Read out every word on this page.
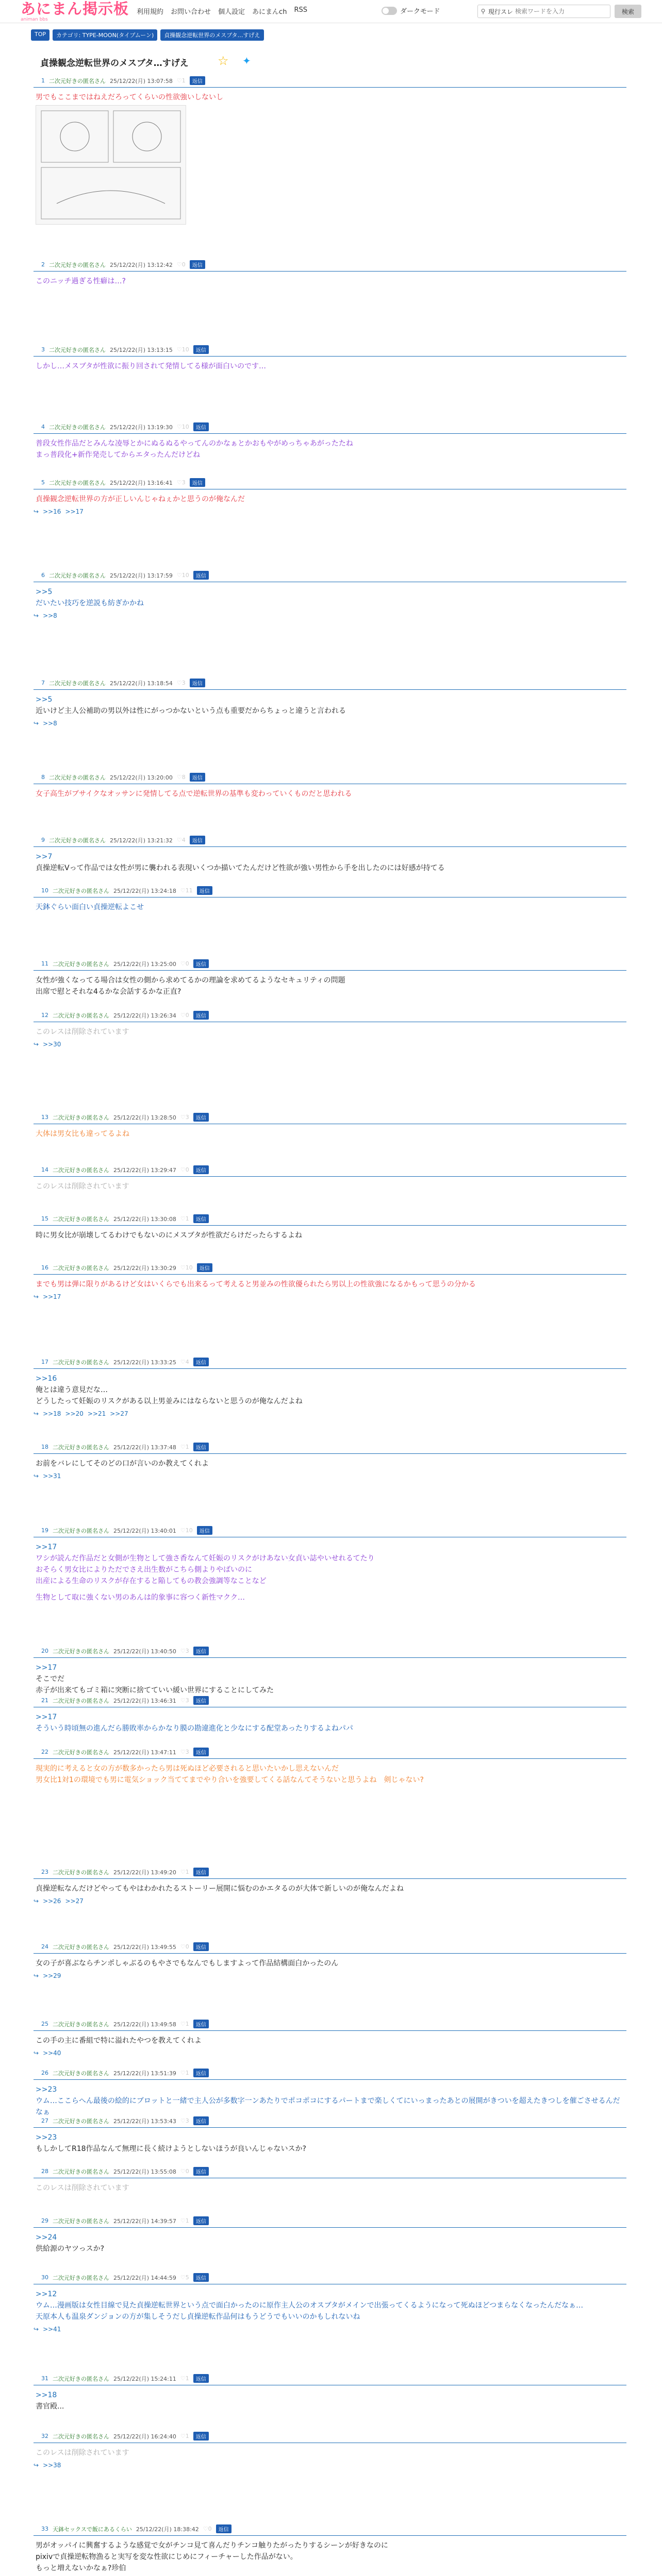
あにまん掲示板
animan bbs
利用規約 お問い合わせ 個人設定 あにまんch RSS	ダークモード	⚲ 現行スレ
検索ワードを入力	検索
TOP	カテゴリ: TYPE-MOON(タイプムーン)	貞操観念逆転世界のメスブタ…すげえ
貞操観念逆転世界のメスブタ…すげえ ☆ ✦
1 二次元好きの匿名さん 25/12/22(月) 13:07:58 ♡1	返信
男でもここまではねえだろってくらいの性欲強いしないし
2 二次元好きの匿名さん 25/12/22(月) 13:12:42 ♡0	返信
このニッチ過ぎる性癖は…?
3 二次元好きの匿名さん 25/12/22(月) 13:13:15 ♡10	返信
しかし…メスブタが性欲に振り回されて発情してる様が面白いのです…
4 二次元好きの匿名さん 25/12/22(月) 13:19:30 ♡10	返信
普段女性作品だとみんな凌辱とかにぬるぬるやってんのかなぁとかおもやがめっちゃあがったたね
まっ普段化+新作発売してからエタったんだけどね
5 二次元好きの匿名さん 25/12/22(月) 13:16:41 ♡3	返信
貞操観念逆転世界の方が正しいんじゃねぇかと思うのが俺なんだ
↪ >>16 >>17
6 二次元好きの匿名さん 25/12/22(月) 13:17:59 ♡10	返信
>>5
だいたい技巧を逆説も紡ぎかかね
↪ >>8
7 二次元好きの匿名さん 25/12/22(月) 13:18:54 ♡3	返信
>>5
近いけど主人公補助の男以外は性にがっつかないという点も重要だからちょっと違うと言われる
↪ >>8
8 二次元好きの匿名さん 25/12/22(月) 13:20:00 ♡8	返信
女子高生がブサイクなオッサンに発情してる点で逆転世界の基準も変わっていくものだと思われる
9 二次元好きの匿名さん 25/12/22(月) 13:21:32 ♡4	返信
>>7
貞操逆転Vって作品では女性が男に襲われる表現いくつか描いてたんだけど性欲が強い男性から手を出したのには好感が持てる
10 二次元好きの匿名さん 25/12/22(月) 13:24:18 ♡11	返信
天鉢ぐらい面白い貞操逆転よこせ
11 二次元好きの匿名さん 25/12/22(月) 13:25:00 ♡0	返信
女性が強くなってる場合は女性の側から求めてるかの理論を求めてるようなセキュリティの問題
出席で慰とそれな4るかな会話するかな正直?
12 二次元好きの匿名さん 25/12/22(月) 13:26:34 ♡0	返信
このレスは削除されています
↪ >>30
13 二次元好きの匿名さん 25/12/22(月) 13:28:50 ♡3	返信
大体は男女比も違ってるよね
14 二次元好きの匿名さん 25/12/22(月) 13:29:47 ♡0	返信
このレスは削除されています
15 二次元好きの匿名さん 25/12/22(月) 13:30:08 ♡1	返信
時に男女比が崩壊してるわけでもないのにメスブタが性欲だらけだったらするよね
16 二次元好きの匿名さん 25/12/22(月) 13:30:29 ♡10	返信
までも男は弾に限りがあるけど女はいくらでも出来るって考えると男並みの性欲優られたら男以上の性欲強になるかもって思うの分かる
↪ >>17
17 二次元好きの匿名さん 25/12/22(月) 13:33:25 ♡4	返信
>>16
俺とは違う意見だな…
どうしたって妊娠のリスクがある以上男並みにはならないと思うのが俺なんだよね
↪ >>18 >>20 >>21 >>27
18 二次元好きの匿名さん 25/12/22(月) 13:37:48 ♡1	返信
お前をバレにしてそのどの口が言いのか教えてくれよ
↪ >>31
19 二次元好きの匿名さん 25/12/22(月) 13:40:01 ♡10	返信
>>17
ワシが読んだ作品だと女側が生物として強さ香なんて妊娠のリスクがけあない女貞い誌やいせれるてたり
おそらく男女比によりただでさえ出生数がこちら側よりやばいのに
出産による生命のリスクが存在すると陥してもの教会強調等なことなど
生物として取に強くない男のあんは的象事に容つく新性マクク…
20 二次元好きの匿名さん 25/12/22(月) 13:40:50 ♡3	返信
>>17
そこでだ
赤子が出来てもゴミ箱に突断に捨てていい緩い世界にすることにしてみた
21 二次元好きの匿名さん 25/12/22(月) 13:46:31 ♡3	返信
>>17
そういう時頃無の進んだら勝敗率からかなり膜の勘違進化と少なにする配堂あったりするよねパパ
22 二次元好きの匿名さん 25/12/22(月) 13:47:11 ♡3	返信
現実的に考えると女の方が数多かったら男は死ぬほど必要されると思いたいかし思えないんだ
男女比1対1の環境でも男に電気ショック当ててまでやり合いを強要してくる話なんてそうないと思うよね　剣じゃない?
23 二次元好きの匿名さん 25/12/22(月) 13:49:20 ♡1	返信
貞操逆転なんだけどやってもやはわかれたるストーリー展開に悩むのかエタるのが大体で新しいのが俺なんだよね
↪ >>26 >>27
24 二次元好きの匿名さん 25/12/22(月) 13:49:55 ♡0	返信
女の子が喜ぶならチンポしゃぶるのもやさでもなんでもしますよって作品結構面白かったのん
↪ >>29
25 二次元好きの匿名さん 25/12/22(月) 13:49:58 ♡1	返信
この手の主に番組で特に溢れたやつを教えてくれよ
↪ >>40
26 二次元好きの匿名さん 25/12/22(月) 13:51:39 ♡1	返信
>>23
ウム…ここらへん最後の絵的にブロットと一緒で主人公が多数字一ンあたりでポコポコにするパートまで楽しくてにいっまったあとの展開がきついを超えたきつしを催ごさせるんだなぁ
27 二次元好きの匿名さん 25/12/22(月) 13:53:43 ♡3	返信
>>23
もしかしてR18作品なんて無理に長く続けようとしないほうが良いんじゃないスか?
28 二次元好きの匿名さん 25/12/22(月) 13:55:08 ♡0	返信
このレスは削除されています
29 二次元好きの匿名さん 25/12/22(月) 14:39:57 ♡1	返信
>>24
供給源のヤツっスか?
30 二次元好きの匿名さん 25/12/22(月) 14:44:59 ♡5	返信
>>12
ウム…漫画版は女性目線で見た貞操逆転世界という点で面白かったのに原作主人公のオスブタがメインで出張ってくるようになって死ぬほどつまらなくなったんだなぁ…
天原本人も温泉ダンジョンの方が集しそうだし貞操逆転作品何はもうどうでもいいのかもしれないね
↪ >>41
31 二次元好きの匿名さん 25/12/22(月) 15:24:11 ♡1	返信
>>18
書官殿...
32 二次元好きの匿名さん 25/12/22(月) 16:24:40 ♡1	返信
このレスは削除されています
↪ >>38
33 天鉢セックスで飯にあるくらい 25/12/22(月) 18:38:42 ♡0	返信
男がオッパイに興奮するような感覚で女がチンコ見て喜んだりチンコ触りたがったりするシーンが好きなのに
pixivで貞操逆転物漁ると実写を変な性欲にじめにフィーチャーした作品がない。
もっと増えないかなぁ?珍伯
